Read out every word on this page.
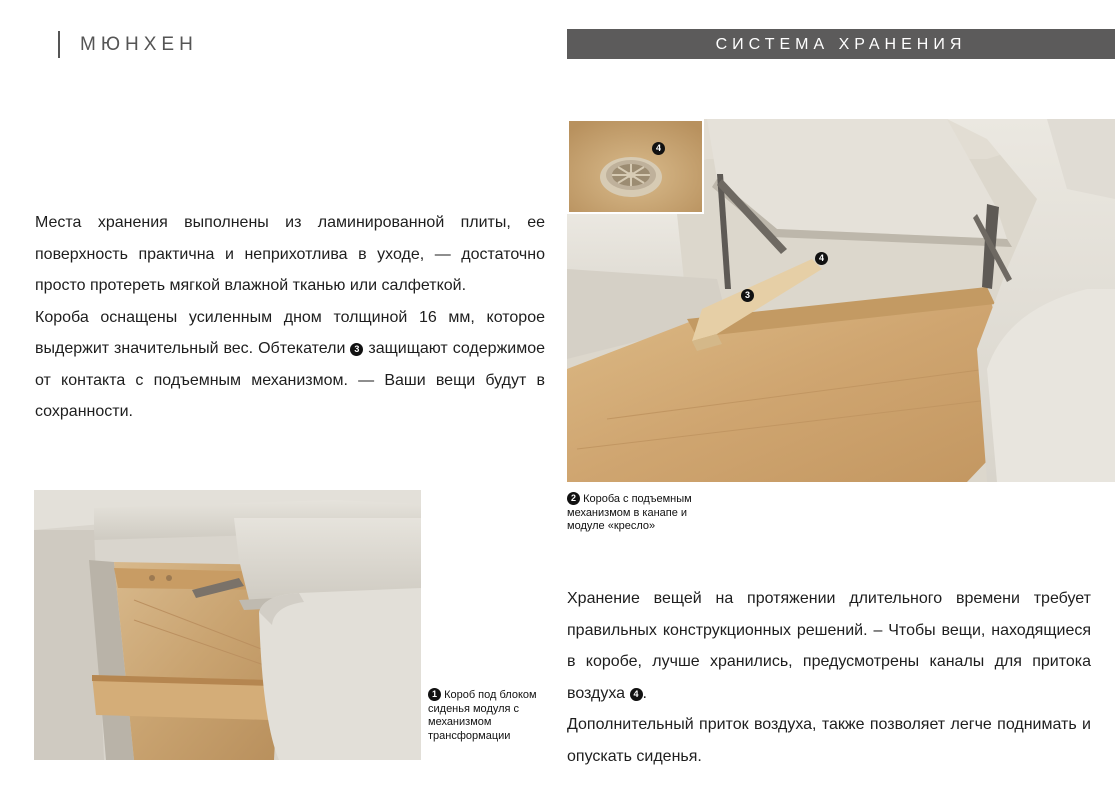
МЮНХЕН	СИСТЕМА ХРАНЕНИЯ
Места хранения выполнены из ламинированной плиты, ее поверхность практична и неприхотлива в уходе, — достаточно просто протереть мягкой влажной тканью или салфеткой.
Короба оснащены усиленным дном толщиной 16 мм, которое выдержит значительный вес. Обтекатели 3 защищают содержимое от контакта с подъемным механизмом. — Ваши вещи будут в сохранности.
1 Короб под блоком сиденья модуля с механизмом трансформации
4
3
4
2 Короба с подъемным механизмом в канапе и модуле «кресло»
Хранение вещей на протяжении длительного времени требует правильных конструкционных решений. – Чтобы вещи, находящиеся в коробе, лучше хранились, предусмотрены каналы для притока воздуха 4 .
Дополнительный приток воздуха, также позволяет легче поднимать и опускать сиденья.
